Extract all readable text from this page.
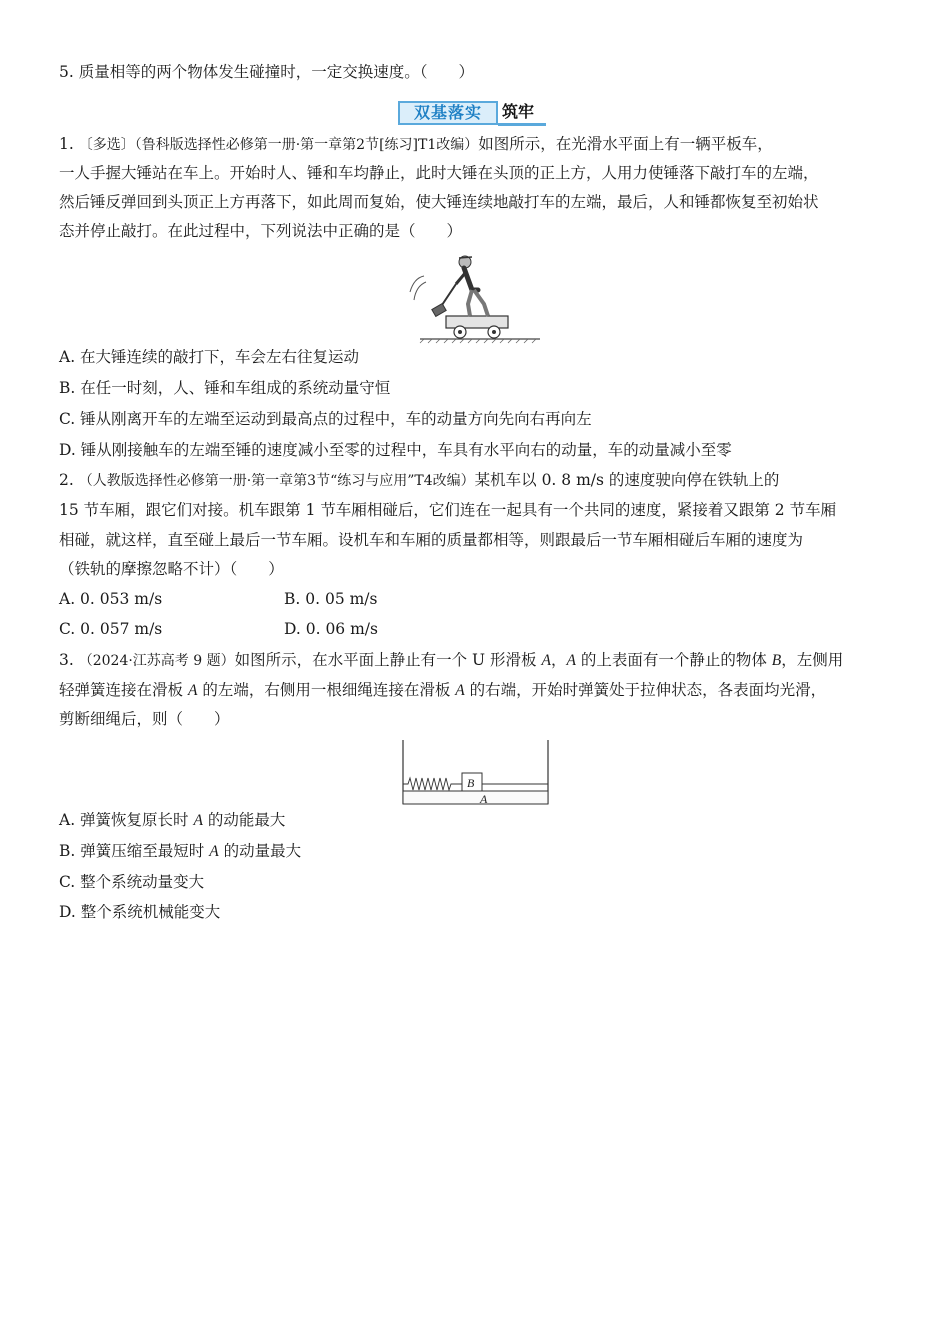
5. 质量相等的两个物体发生碰撞时，一定交换速度。（　　）
双基落实	筑牢
1. 〔多选〕（鲁科版选择性必修第一册·第一章第2节[练习]T1改编）如图所示，在光滑水平面上有一辆平板车，
一人手握大锤站在车上。开始时人、锤和车均静止，此时大锤在头顶的正上方，人用力使锤落下敲打车的左端，
然后锤反弹回到头顶正上方再落下，如此周而复始，使大锤连续地敲打车的左端，最后，人和锤都恢复至初始状
态并停止敲打。在此过程中，下列说法中正确的是（　　）
A. 在大锤连续的敲打下，车会左右往复运动
B. 在任一时刻，人、锤和车组成的系统动量守恒
C. 锤从刚离开车的左端至运动到最高点的过程中，车的动量方向先向右再向左
D. 锤从刚接触车的左端至锤的速度减小至零的过程中，车具有水平向右的动量，车的动量减小至零
2. （人教版选择性必修第一册·第一章第3节“练习与应用”T4改编）某机车以 0. 8 m/s 的速度驶向停在铁轨上的
15 节车厢，跟它们对接。机车跟第 1 节车厢相碰后，它们连在一起具有一个共同的速度，紧接着又跟第 2 节车厢
相碰，就这样，直至碰上最后一节车厢。设机车和车厢的质量都相等，则跟最后一节车厢相碰后车厢的速度为
（铁轨的摩擦忽略不计）（　　）
A. 0. 053 m/s	B. 0. 05 m/s
C. 0. 057 m/s	D. 0. 06 m/s
3. （2024·江苏高考 9 题）如图所示，在水平面上静止有一个 U 形滑板 A，A 的上表面有一个静止的物体 B，左侧用
轻弹簧连接在滑板 A 的左端，右侧用一根细绳连接在滑板 A 的右端，开始时弹簧处于拉伸状态，各表面均光滑，
剪断细绳后，则（　　）
B
A
A. 弹簧恢复原长时 A 的动能最大
B. 弹簧压缩至最短时 A 的动量最大
C. 整个系统动量变大
D. 整个系统机械能变大
